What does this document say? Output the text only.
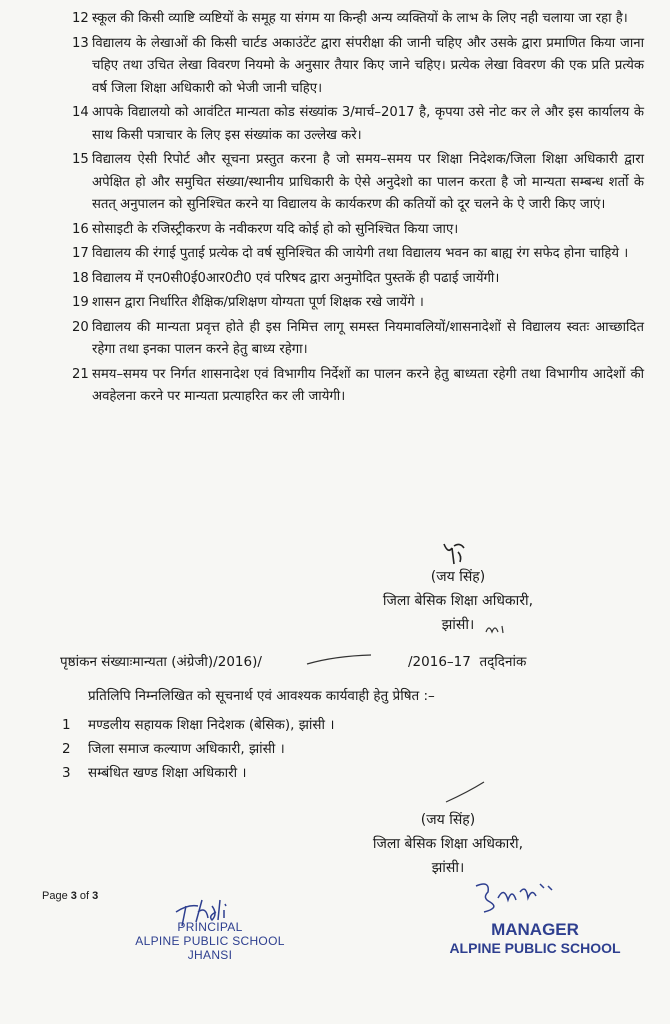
12 स्कूल की किसी व्याष्टि व्यष्टियों के समूह या संगम या किन्ही अन्य व्यक्तियों के लाभ के लिए नही चलाया जा रहा है।
13 विद्यालय के लेखाओं की किसी चार्टड अकाउंटेंट द्वारा संपरीक्षा की जानी चहिए और उसके द्वारा प्रमाणित किया जाना चहिए तथा उचित लेखा विवरण नियमो के अनुसार तैयार किए जाने चहिए। प्रत्येक लेखा विवरण की एक प्रति प्रत्येक वर्ष जिला शिक्षा अधिकारी को भेजी जानी चहिए।
14 आपके विद्यालयो को आवंटित मान्यता कोड संख्यांक 3/मार्च–2017 है, कृपया उसे नोट कर ले और इस कार्यालय के साथ किसी पत्राचार के लिए इस संख्यांक का उल्लेख करे।
15 विद्यालय ऐसी रिपोर्ट और सूचना प्रस्तुत करना है जो समय–समय पर शिक्षा निदेशक/जिला शिक्षा अधिकारी द्वारा अपेक्षित हो और समुचित संख्या/स्थानीय प्राधिकारी के ऐसे अनुदेशो का पालन करता है जो मान्यता सम्बन्ध शर्तो के सतत् अनुपालन को सुनिश्चित करने या विद्यालय के कार्यकरण की कतियों को दूर चलने के ऐ जारी किए जाएं।
16 सोसाइटी के रजिस्ट्रीकरण के नवीकरण यदि कोई हो को सुनिश्चित किया जाए।
17 विद्यालय की रंगाई पुताई प्रत्येक दो वर्ष सुनिश्चित की जायेगी तथा विद्यालय भवन का बाह्य रंग सफेद होना चाहिये ।
18 विद्यालय में एन0सी0ई0आर0टी0 एवं परिषद द्वारा अनुमोदित पुस्तकें ही पढाई जायेंगी।
19 शासन द्वारा निर्धारित शैक्षिक/प्रशिक्षण योग्यता पूर्ण शिक्षक रखे जायेंगे ।
20 विद्यालय की मान्यता प्रवृत्त होते ही इस निमित्त लागू समस्त नियमावलियों/शासनादेशों से विद्यालय स्वतः आच्छादित रहेगा तथा इनका पालन करने हेतु बाध्य रहेगा।
21 समय–समय पर निर्गत शासनादेश एवं विभागीय निर्देशों का पालन करने हेतु बाध्यता रहेगी तथा विभागीय आदेशों की अवहेलना करने पर मान्यता प्रत्याहरित कर ली जायेगी।
(जय सिंह)
जिला बेसिक शिक्षा अधिकारी,
झांसी।
पृष्ठांकन संख्याःमान्यता (अंग्रेजी)/2016)/	/2016–17 तद्‌दिनांक
प्रतिलिपि निम्नलिखित को सूचनार्थ एवं आवश्यक कार्यवाही हेतु प्रेषित :–
1	मण्डलीय सहायक शिक्षा निदेशक (बेसिक), झांसी ।
2	जिला समाज कल्याण अधिकारी, झांसी ।
3	सम्बंधित खण्ड शिक्षा अधिकारी ।
(जय सिंह)
जिला बेसिक शिक्षा अधिकारी,
झांसी।
Page 3 of 3
PRINCIPAL
ALPINE PUBLIC SCHOOL
JHANSI
MANAGER
ALPINE PUBLIC SCHOOL
